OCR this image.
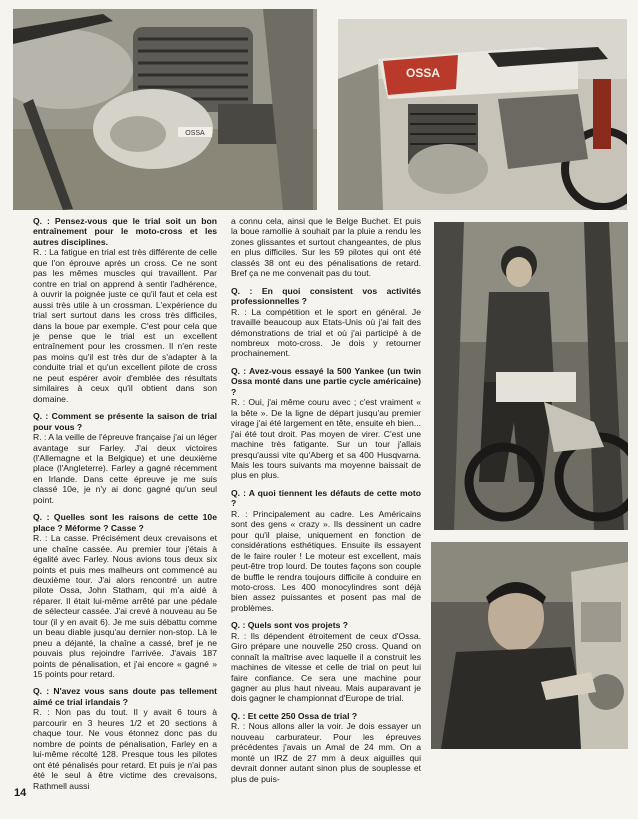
OSSA
OSSA

Q. : Pensez-vous que le trial soit un bon entraînement pour le moto-cross et les autres disciplines.
R. : La fatigue en trial est très différente de celle que l'on éprouve après un cross. Ce ne sont pas les mêmes muscles qui travaillent. Par contre en trial on apprend à sentir l'adhérence, à ouvrir la poignée juste ce qu'il faut et cela est aussi très utile à un crossman. L'expérience du trial sert surtout dans les cross très difficiles, dans la boue par exemple. C'est pour cela que je pense que le trial est un excellent entraînement pour les crossmen. Il n'en reste pas moins qu'il est très dur de s'adapter à la conduite trial et qu'un excellent pilote de cross ne peut espérer avoir d'emblée des résultats similaires à ceux qu'il obtient dans son domaine.

Q. : Comment se présente la saison de trial pour vous ?
R. : A la veille de l'épreuve française j'ai un léger avantage sur Farley. J'ai deux victoires (l'Allemagne et la Belgique) et une deuxième place (l'Angleterre). Farley a gagné récemment en Irlande. Dans cette épreuve je me suis classé 10e, je n'y ai donc gagné qu'un seul point.

Q. : Quelles sont les raisons de cette 10e place ? Méforme ? Casse ?
R. : La casse. Précisément deux crevaisons et une chaîne cassée. Au premier tour j'étais à égalité avec Farley. Nous avions tous deux six points et puis mes malheurs ont commencé au deuxième tour. J'ai alors rencontré un autre pilote Ossa, John Statham, qui m'a aidé à réparer. Il était lui-même arrêté par une pédale de sélecteur cassée. J'ai crevé à nouveau au 5e tour (il y en avait 6). Je me suis débattu comme un beau diable jusqu'au dernier non-stop. Là le pneu a déjanté, la chaîne a cassé, bref je ne pouvais plus rejoindre l'arrivée. J'avais 187 points de pénalisation, et j'ai encore « gagné » 15 points pour retard.

Q. : N'avez vous sans doute pas tellement aimé ce trial irlandais ?
R. : Non pas du tout. Il y avait 6 tours à parcourir en 3 heures 1/2 et 20 sections à chaque tour. Ne vous étonnez donc pas du nombre de points de pénalisation, Farley en a lui-même récolté 128. Presque tous les pilotes ont été pénalisés pour retard. Et puis je n'ai pas été le seul à être victime des crevaisons, Rathmell aussi

a connu cela, ainsi que le Belge Buchet. Et puis la boue ramollie à souhait par la pluie a rendu les zones glissantes et surtout changeantes, de plus en plus difficiles. Sur les 59 pilotes qui ont été classés 38 ont eu des pénalisations de retard. Bref ça ne me convenait pas du tout.

Q. : En quoi consistent vos activités professionnelles ?
R. : La compétition et le sport en général. Je travaille beaucoup aux Etats-Unis où j'ai fait des démonstrations de trial et où j'ai participé à de nombreux moto-cross. Je dois y retourner prochainement.

Q. : Avez-vous essayé la 500 Yankee (un twin Ossa monté dans une partie cycle américaine) ?
R. : Oui, j'ai même couru avec ; c'est vraiment « la bête ». De la ligne de départ jusqu'au premier virage j'ai été largement en tête, ensuite eh bien... j'ai été tout droit. Pas moyen de virer. C'est une machine très fatigante. Sur un tour j'allais presqu'aussi vite qu'Aberg et sa 400 Husqvarna. Mais les tours suivants ma moyenne baissait de plus en plus.

Q. : A quoi tiennent les défauts de cette moto ?
R. : Principalement au cadre. Les Américains sont des gens « crazy ». Ils dessinent un cadre pour qu'il plaise, uniquement en fonction de considérations esthétiques. Ensuite ils essayent de le faire rouler ! Le moteur est excellent, mais peut-être trop lourd. De toutes façons son couple de buffle le rendra toujours difficile à conduire en moto-cross. Les 400 monocylindres sont déjà bien assez puissantes et posent pas mal de problèmes.

Q. : Quels sont vos projets ?
R. : Ils dépendent étroitement de ceux d'Ossa. Giro prépare une nouvelle 250 cross. Quand on connaît la maîtrise avec laquelle il a construit les machines de vitesse et celle de trial on peut lui faire confiance. Ce sera une machine pour gagner au plus haut niveau. Mais auparavant je dois gagner le championnat d'Europe de trial.

Q. : Et cette 250 Ossa de trial ?
R. : Nous allons aller la voir. Je dois essayer un nouveau carburateur. Pour les épreuves précédentes j'avais un Amal de 24 mm. On a monté un IRZ de 27 mm à deux aiguilles qui devrait donner autant sinon plus de souplesse et plus de puis-

14
